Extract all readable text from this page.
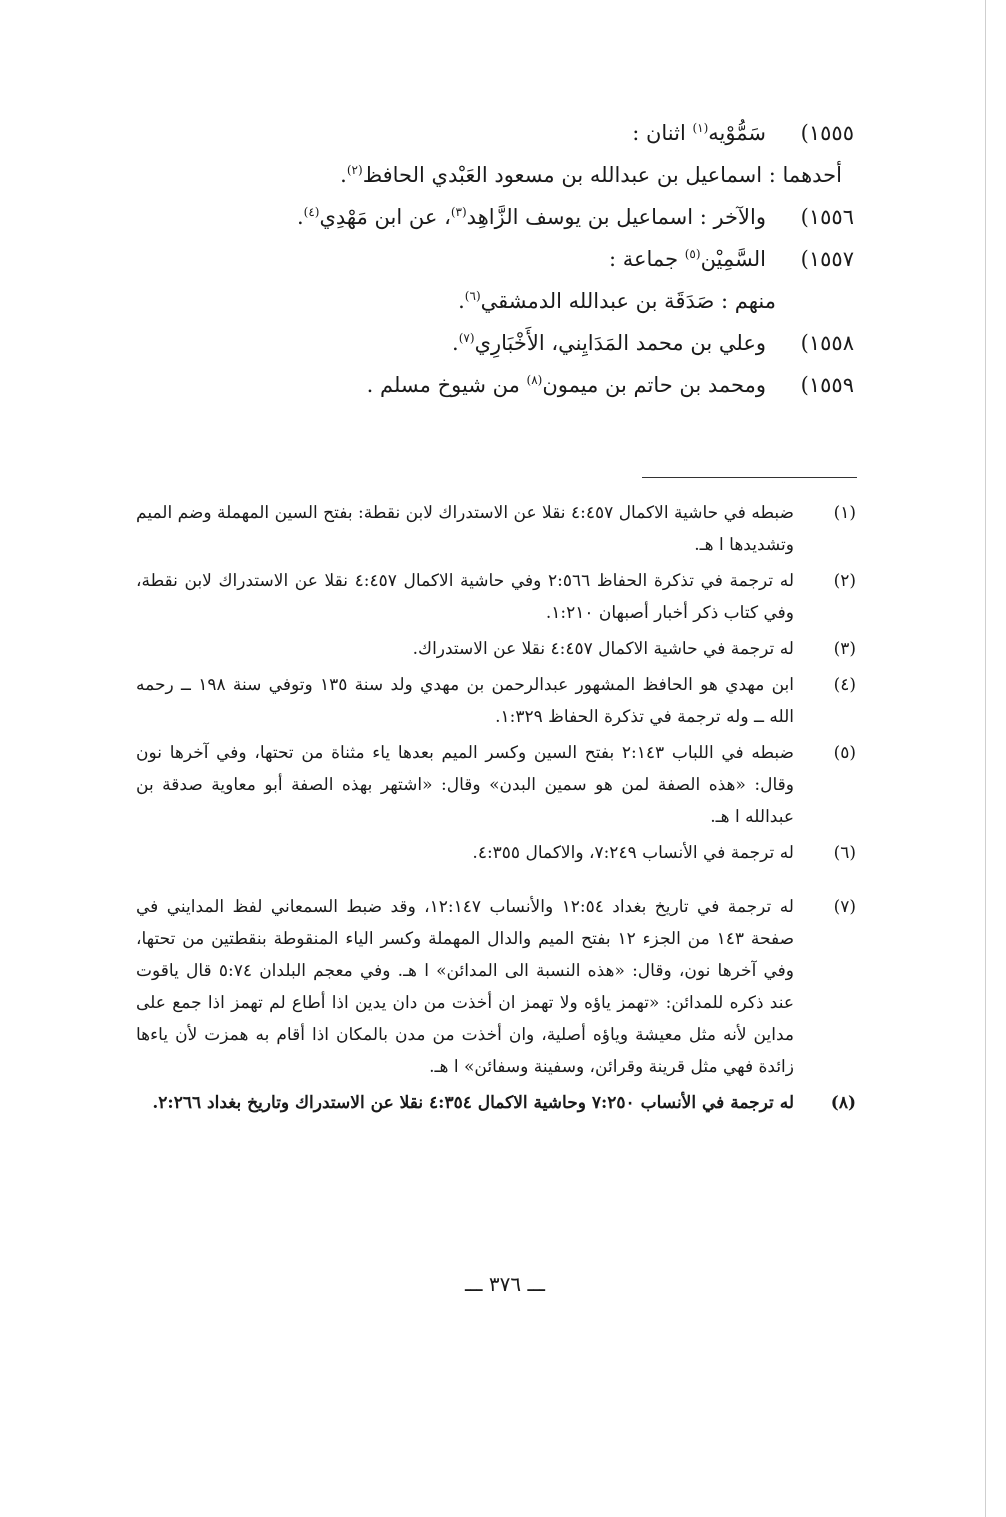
١٥٥٥)
سَمُّوْيه$^{(١)}$ اثنان :
أحدهما : اسماعيل بن عبدالله بن مسعود العَبْدي الحافظ$^{(٢)}$.
١٥٥٦)
والآخر : اسماعيل بن يوسف الزَّاهِد$^{(٣)}$، عن ابن مَهْدِي$^{(٤)}$.
١٥٥٧)
السَّمِيْن$^{(٥)}$ جماعة :
منهم : صَدَقَة بن عبدالله الدمشقي$^{(٦)}$.
١٥٥٨)
وعلي بن محمد المَدَايِني، الأَخْبَارِي$^{(٧)}$.
١٥٥٩)
ومحمد بن حاتم بن ميمون$^{(٨)}$ من شيوخ مسلم .
(١)
ضبطه في حاشية الاكمال ٤:٤٥٧ نقلا عن الاستدراك لابن نقطة: بفتح السين المهملة وضم الميم وتشديدها ا هـ.
(٢)
له ترجمة في تذكرة الحفاظ ٢:٥٦٦ وفي حاشية الاكمال ٤:٤٥٧ نقلا عن الاستدراك لابن نقطة، وفي كتاب ذكر أخبار أصبهان ١:٢١٠.
(٣)
له ترجمة في حاشية الاكمال ٤:٤٥٧ نقلا عن الاستدراك.
(٤)
ابن مهدي هو الحافظ المشهور عبدالرحمن بن مهدي ولد سنة ١٣٥ وتوفي سنة ١٩٨ ــ رحمه الله ــ وله ترجمة في تذكرة الحفاظ ١:٣٢٩.
(٥)
ضبطه في اللباب ٢:١٤٣ بفتح السين وكسر الميم بعدها ياء مثناة من تحتها، وفي آخرها نون وقال: «هذه الصفة لمن هو سمين البدن» وقال: «اشتهر بهذه الصفة أبو معاوية صدقة بن عبدالله ا هـ.
(٦)
له ترجمة في الأنساب ٧:٢٤٩، والاكمال ٤:٣٥٥.
(٧)
له ترجمة في تاريخ بغداد ١٢:٥٤ والأنساب ١٢:١٤٧، وقد ضبط السمعاني لفظ المدايني في صفحة ١٤٣ من الجزء ١٢ بفتح الميم والدال المهملة وكسر الياء المنقوطة بنقطتين من تحتها، وفي آخرها نون، وقال: «هذه النسبة الى المدائن» ا هـ. وفي معجم البلدان ٥:٧٤ قال ياقوت عند ذكره للمدائن: «تهمز ياؤه ولا تهمز ان أخذت من دان يدين اذا أطاع لم تهمز اذا جمع على مداين لأنه مثل معيشة وياؤه أصلية، وان أخذت من مدن بالمكان اذا أقام به همزت لأن ياءها زائدة فهي مثل قرينة وقرائن، وسفينة وسفائن» ا هـ.
(٨)
له ترجمة في الأنساب ٧:٢٥٠ وحاشية الاكمال ٤:٣٥٤ نقلا عن الاستدراك وتاريخ بغداد ٢:٢٦٦.
ـــ ٣٧٦ ـــ
